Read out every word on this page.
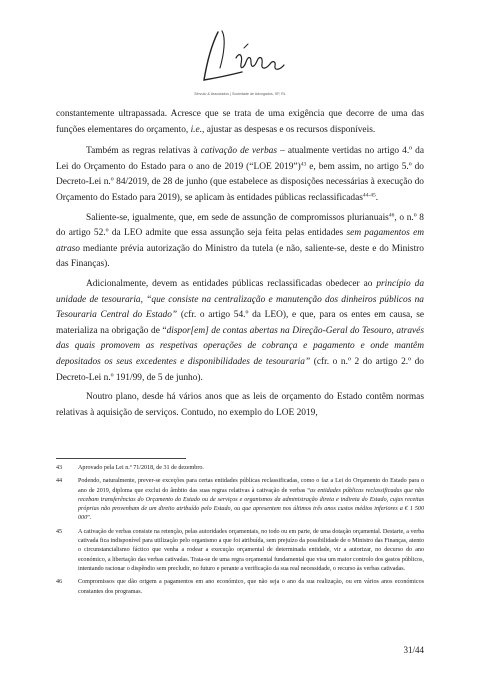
Sérvulo & Associados | Sociedade de Advogados, SP, RL

constantemente ultrapassada. Acresce que se trata de uma exigência que decorre de uma das funções elementares do orçamento, i.e., ajustar as despesas e os recursos disponíveis.

Também as regras relativas à cativação de verbas – atualmente vertidas no artigo 4.º da Lei do Orçamento do Estado para o ano de 2019 (“LOE 2019”)$^{43}$ e, bem assim, no artigo 5.º do Decreto-Lei n.º 84/2019, de 28 de junho (que estabelece as disposições necessárias à execução do Orçamento do Estado para 2019), se aplicam às entidades públicas reclassificadas$^{44-45}$.

Saliente-se, igualmente, que, em sede de assunção de compromissos plurianuais$^{46}$, o n.º 8 do artigo 52.º da LEO admite que essa assunção seja feita pelas entidades sem pagamentos em atraso mediante prévia autorização do Ministro da tutela (e não, saliente-se, deste e do Ministro das Finanças).

Adicionalmente, devem as entidades públicas reclassificadas obedecer ao princípio da unidade de tesouraria, “que consiste na centralização e manutenção dos dinheiros públicos na Tesouraria Central do Estado” (cfr. o artigo 54.º da LEO), e que, para os entes em causa, se materializa na obrigação de “dispor[em] de contas abertas na Direção-Geral do Tesouro, através das quais promovem as respetivas operações de cobrança e pagamento e onde mantêm depositados os seus excedentes e disponibilidades de tesouraria” (cfr. o n.º 2 do artigo 2.º do Decreto-Lei n.º 191/99, de 5 de junho).

Noutro plano, desde há vários anos que as leis de orçamento do Estado contêm normas relativas à aquisição de serviços. Contudo, no exemplo do LOE 2019,

43	Aprovado pela Lei n.º 71/2018, de 31 de dezembro.
44	Podendo, naturalmente, prever-se exceções para certas entidades públicas reclassificadas, como o faz a Lei do Orçamento do Estado para o ano de 2019, diploma que exclui do âmbito das suas regras relativas à cativação de verbas “as entidades públicas reclassificadas que não recebam transferências do Orçamento do Estado ou de serviços e organismos da administração direta e indireta do Estado, cujas receitas próprias não provenham de um direito atribuído pelo Estado, ou que apresentem nos últimos três anos custos médios inferiores a € 1 500 000”.
45	A cativação de verbas consiste na retenção, pelas autoridades orçamentais, no todo ou em parte, de uma dotação orçamental. Destarte, a verba cativada fica indisponível para utilização pelo organismo a que foi atribuída, sem prejuízo da possibilidade de o Ministro das Finanças, atento o circunstancialismo fáctico que venha a rodear a execução orçamental de determinada entidade, vir a autorizar, no decurso do ano económico, a libertação das verbas cativadas. Trata-se de uma regra orçamental fundamental que visa um maior controlo dos gastos públicos, intentando racionar o dispêndio sem precludir, no futuro e perante a verificação da sua real necessidade, o recurso às verbas cativadas.
46	Compromissos que dão origem a pagamentos em ano económico, que não seja o ano da sua realização, ou em vários anos económicos constantes dos programas.
31/44
